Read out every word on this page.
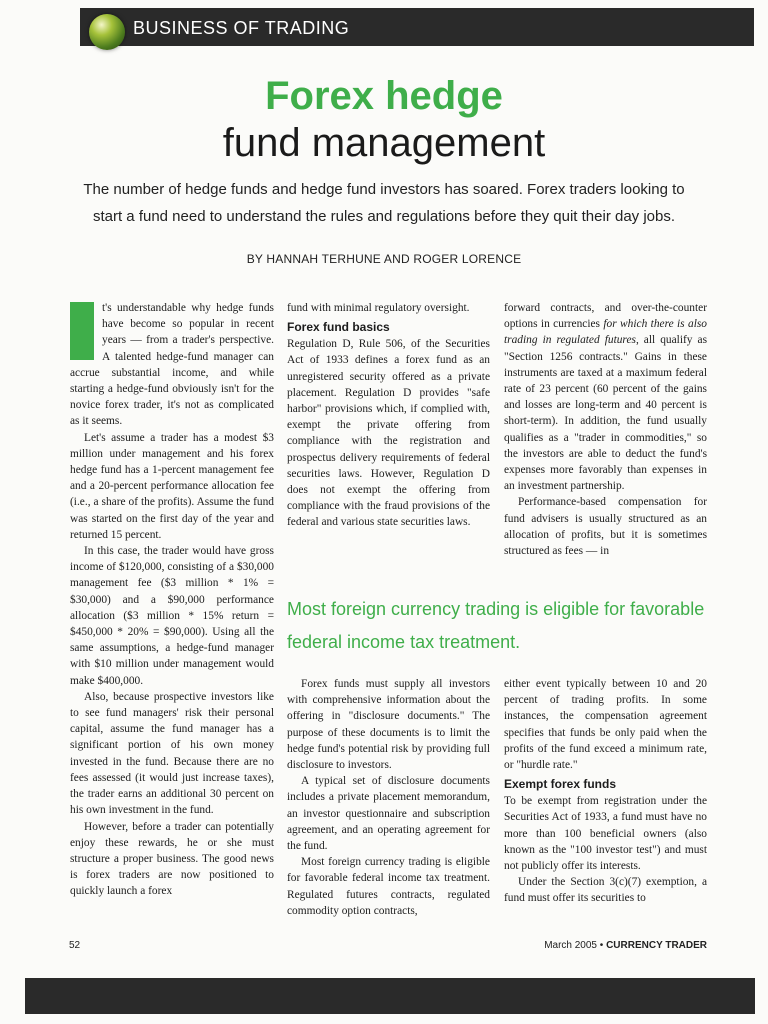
BUSINESS OF TRADING
Forex hedge
fund management
The number of hedge funds and hedge fund investors has soared. Forex traders looking to start a fund need to understand the rules and regulations before they quit their day jobs.
BY HANNAH TERHUNE AND ROGER LORENCE

t's understandable why hedge funds have become so popular in recent years — from a trader's perspective. A talented hedge-fund manager can accrue substantial income, and while starting a hedge-fund obviously isn't for the novice forex trader, it's not as complicated as it seems.

Let's assume a trader has a modest $3 million under management and his forex hedge fund has a 1-percent management fee and a 20-percent performance allocation fee (i.e., a share of the profits). Assume the fund was started on the first day of the year and returned 15 percent.

In this case, the trader would have gross income of $120,000, consisting of a $30,000 management fee ($3 million * 1% = $30,000) and a $90,000 performance allocation ($3 million * 15% return = $450,000 * 20% = $90,000). Using all the same assumptions, a hedge-fund manager with $10 million under management would make $400,000.

Also, because prospective investors like to see fund managers' risk their personal capital, assume the fund manager has a significant portion of his own money invested in the fund. Because there are no fees assessed (it would just increase taxes), the trader earns an additional 30 percent on his own investment in the fund.

However, before a trader can potentially enjoy these rewards, he or she must structure a proper business. The good news is forex traders are now positioned to quickly launch a forex

fund with minimal regulatory oversight.

Forex fund basics

Regulation D, Rule 506, of the Securities Act of 1933 defines a forex fund as an unregistered security offered as a private placement. Regulation D provides "safe harbor" provisions which, if complied with, exempt the private offering from compliance with the registration and prospectus delivery requirements of federal securities laws. However, Regulation D does not exempt the offering from compliance with the fraud provisions of the federal and various state securities laws.

forward contracts, and over-the-counter options in currencies for which there is also trading in regulated futures, all qualify as "Section 1256 contracts." Gains in these instruments are taxed at a maximum federal rate of 23 percent (60 percent of the gains and losses are long-term and 40 percent is short-term). In addition, the fund usually qualifies as a "trader in commodities," so the investors are able to deduct the fund's expenses more favorably than expenses in an investment partnership.

Performance-based compensation for fund advisers is usually structured as an allocation of profits, but it is sometimes structured as fees — in

Most foreign currency trading is eligible for favorable federal income tax treatment.

Forex funds must supply all investors with comprehensive information about the offering in "disclosure documents." The purpose of these documents is to limit the hedge fund's potential risk by providing full disclosure to investors.

A typical set of disclosure documents includes a private placement memorandum, an investor questionnaire and subscription agreement, and an operating agreement for the fund.

Most foreign currency trading is eligible for favorable federal income tax treatment. Regulated futures contracts, regulated commodity option contracts,

either event typically between 10 and 20 percent of trading profits. In some instances, the compensation agreement specifies that funds be only paid when the profits of the fund exceed a minimum rate, or "hurdle rate."

Exempt forex funds

To be exempt from registration under the Securities Act of 1933, a fund must have no more than 100 beneficial owners (also known as the "100 investor test") and must not publicly offer its interests.

Under the Section 3(c)(7) exemption, a fund must offer its securities to

52	March 2005 • CURRENCY TRADER
